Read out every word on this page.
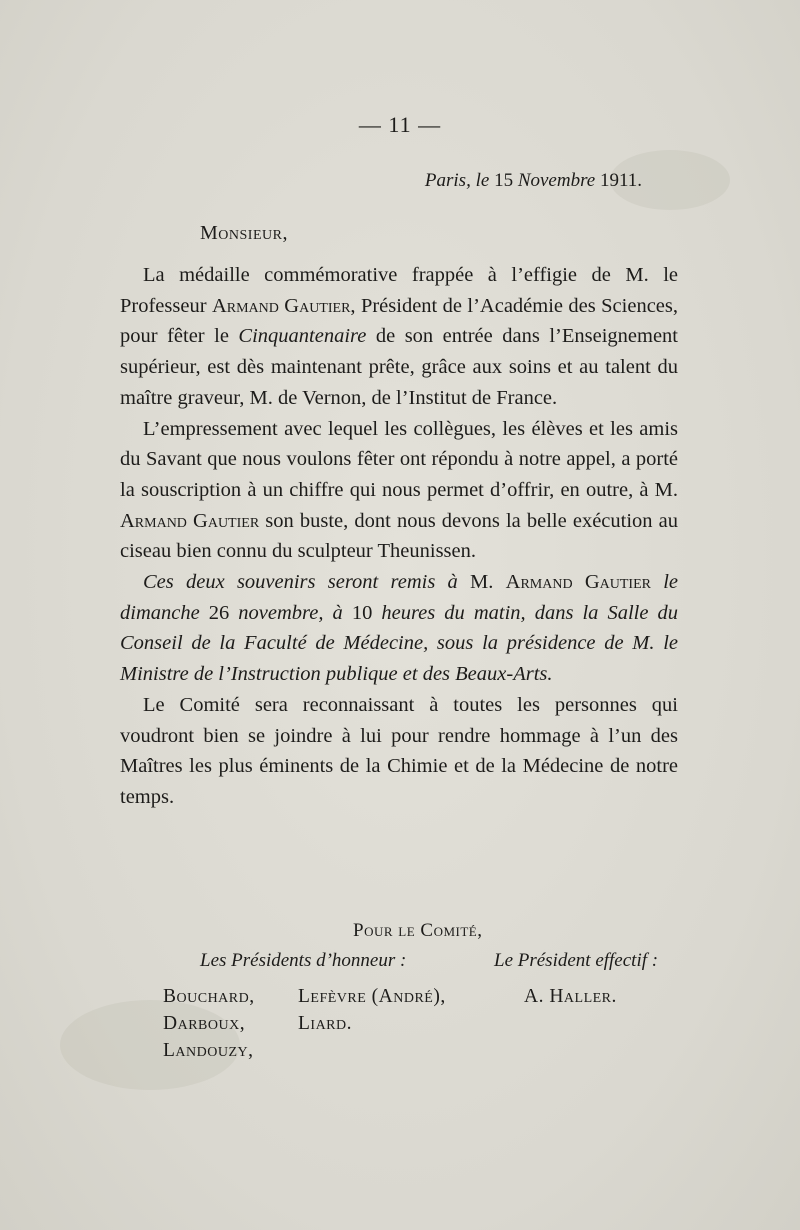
— 11 —
Paris, le 15 Novembre 1911.
Monsieur,

La médaille commémorative frappée à l’effigie de M. le Professeur Armand Gautier, Président de l’Académie des Sciences, pour fêter le Cinquantenaire de son entrée dans l’Enseignement supérieur, est dès maintenant prête, grâce aux soins et au talent du maître graveur, M. de Vernon, de l’Institut de France.

L’empressement avec lequel les collègues, les élèves et les amis du Savant que nous voulons fêter ont répondu à notre appel, a porté la souscription à un chiffre qui nous permet d’offrir, en outre, à M. Armand Gautier son buste, dont nous devons la belle exécution au ciseau bien connu du sculpteur Theunissen.

Ces deux souvenirs seront remis à M. Armand Gautier le dimanche 26 novembre, à 10 heures du matin, dans la Salle du Conseil de la Faculté de Médecine, sous la présidence de M. le Ministre de l’Instruction publique et des Beaux-Arts.

Le Comité sera reconnaissant à toutes les personnes qui voudront bien se joindre à lui pour rendre hommage à l’un des Maîtres les plus éminents de la Chimie et de la Médecine de notre temps.

Pour le Comité,
Les Présidents d’honneur :	Le Président effectif :
Bouchard,
Darboux,
Landouzy,
Lefèvre (André),
Liard.
A. Haller.
